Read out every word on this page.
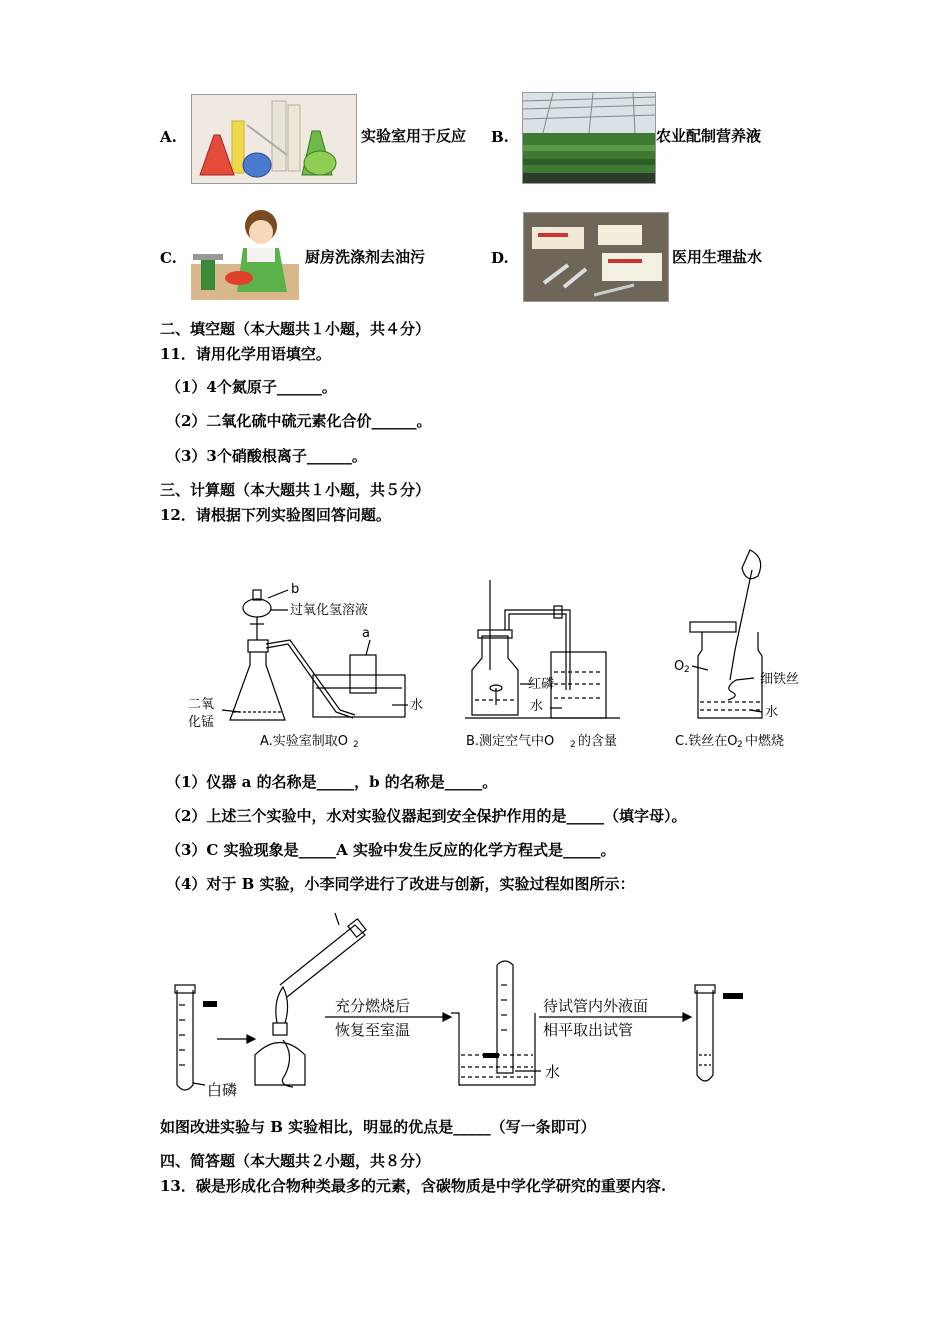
A.	实验室用于反应 B.	农业配制营养液
C.	厨房洗涤剂去油污	D.	医用生理盐水
二、填空题（本大题共１小题，共４分）
11．请用化学用语填空。
（1）4个氮原子______。
（2）二氧化硫中硫元素化合价______。
（3）3个硝酸根离子______。
三、计算题（本大题共１小题，共５分）
12．请根据下列实验图回答问题。
b
过氧化氢溶液
a
二氧
化锰
水
A.实验室制取O 2
红磷
水
B.测定空气中O 2 的含量
O 2
细铁丝
水
C.铁丝在O 2 中燃烧
（1）仪器 a 的名称是_____，b 的名称是_____。
（2）上述三个实验中，水对实验仪器起到安全保护作用的是_____（填字母）。
（3）C 实验现象是_____A 实验中发生反应的化学方程式是_____。
（4）对于 B 实验，小李同学进行了改进与创新，实验过程如图所示：
白磷
充分燃烧后
恢复至室温
待试管内外液面
相平取出试管
水
如图改进实验与 B 实验相比，明显的优点是_____（写一条即可）
四、简答题（本大题共２小题，共８分）
13．碳是形成化合物种类最多的元素，含碳物质是中学化学研究的重要内容.
